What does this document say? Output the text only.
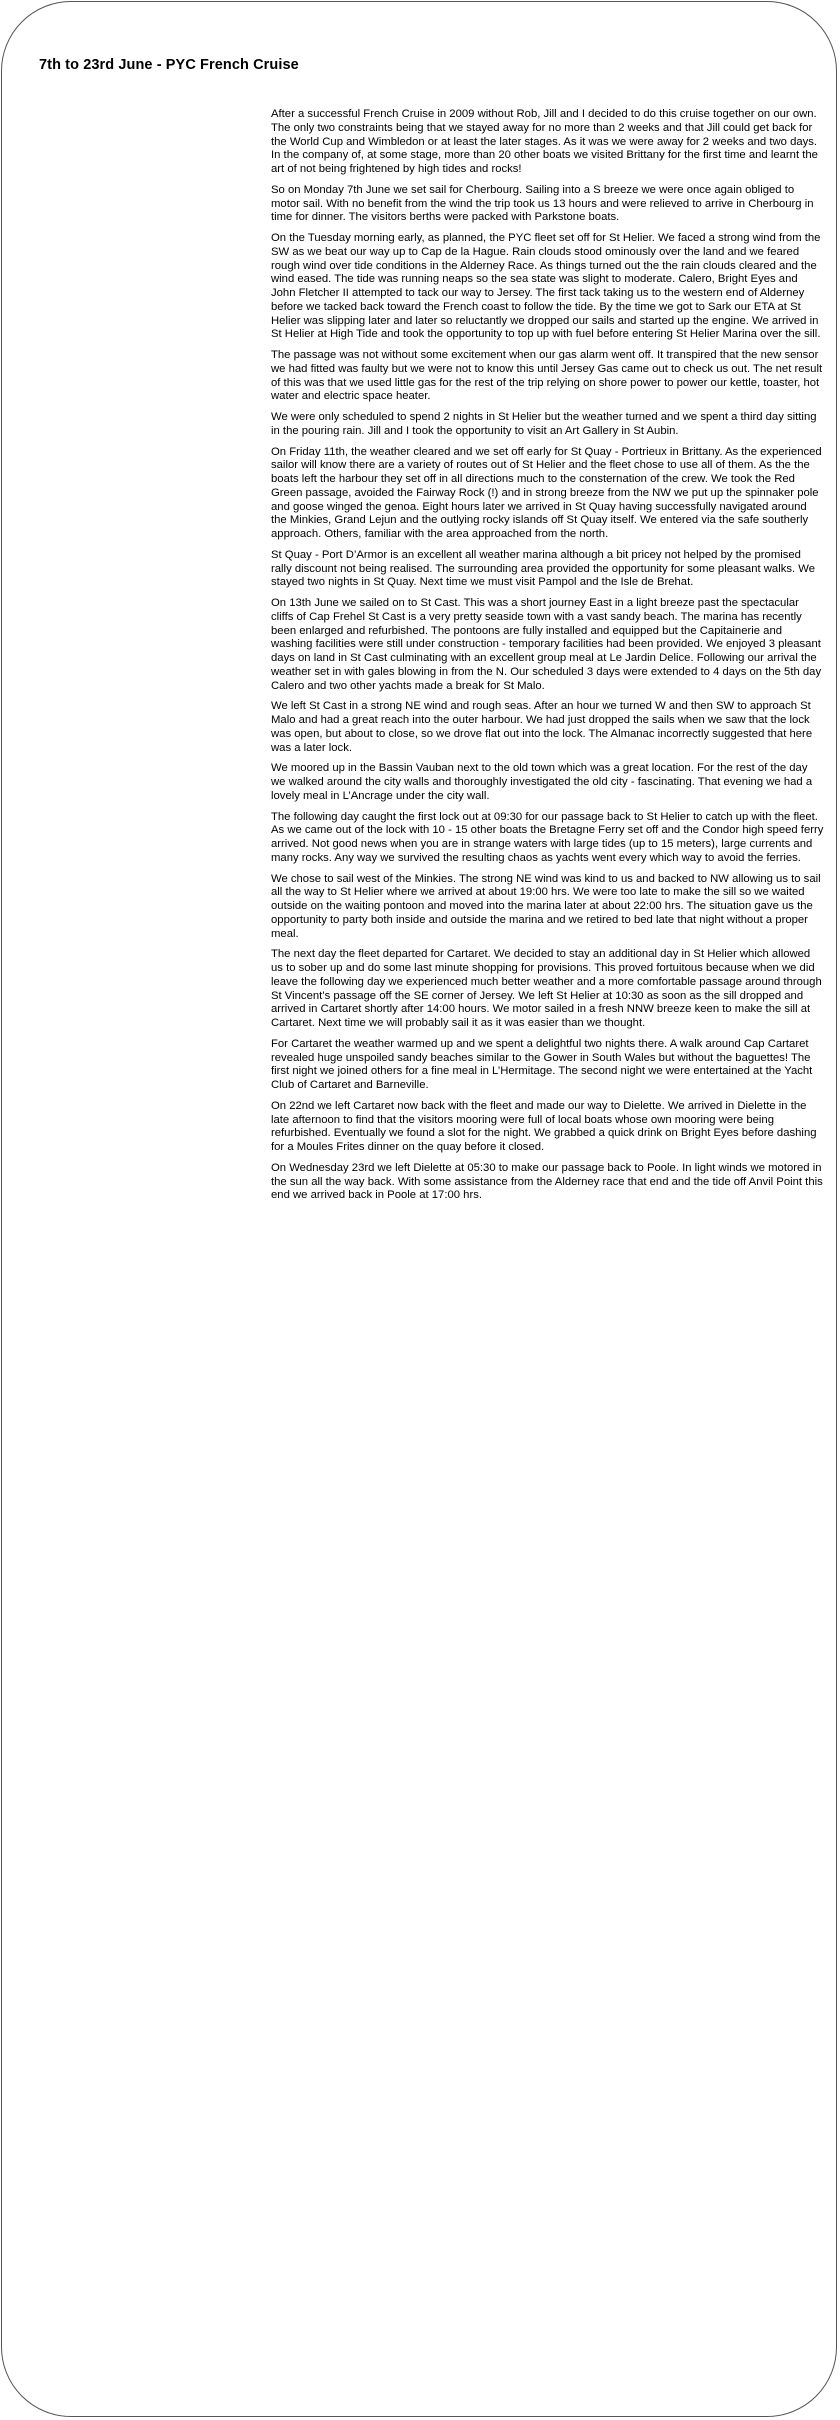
7th to 23rd June - PYC French Cruise

After a successful French Cruise in 2009 without Rob, Jill and I decided to do this cruise together on our own. The only two constraints being that we stayed away for no more than 2 weeks and that Jill could get back for the World Cup and Wimbledon or at least the later stages. As it was we were away for 2 weeks and two days. In the company of, at some stage, more than 20 other boats we visited Brittany for the first time and learnt the art of not being frightened by high tides and rocks!

So on Monday 7th June we set sail for Cherbourg. Sailing into a S breeze we were once again obliged to motor sail. With no benefit from the wind the trip took us 13 hours and were relieved to arrive in Cherbourg in time for dinner. The visitors berths were packed with Parkstone boats.

On the Tuesday morning early, as planned, the PYC fleet set off for St Helier. We faced a strong wind from the SW as we beat our way up to Cap de la Hague. Rain clouds stood ominously over the land and we feared rough wind over tide conditions in the Alderney Race. As things turned out the the rain clouds cleared and the wind eased. The tide was running neaps so the sea state was slight to moderate. Calero, Bright Eyes and John Fletcher II attempted to tack our way to Jersey. The first tack taking us to the western end of Alderney before we tacked back toward the French coast to follow the tide. By the time we got to Sark our ETA at St Helier was slipping later and later so reluctantly we dropped our sails and started up the engine. We arrived in St Helier at High Tide and took the opportunity to top up with fuel before entering St Helier Marina over the sill.

The passage was not without some excitement when our gas alarm went off. It transpired that the new sensor we had fitted was faulty but we were not to know this until Jersey Gas came out to check us out. The net result of this was that we used little gas for the rest of the trip relying on shore power to power our kettle, toaster, hot water and electric space heater.

We were only scheduled to spend 2 nights in St Helier but the weather turned and we spent a third day sitting in the pouring rain. Jill and I took the opportunity to visit an Art Gallery in St Aubin.

On Friday 11th, the weather cleared and we set off early for St Quay - Portrieux in Brittany. As the experienced sailor will know there are a variety of routes out of St Helier and the fleet chose to use all of them. As the the boats left the harbour they set off in all directions much to the consternation of the crew. We took the Red Green passage, avoided the Fairway Rock (!) and in strong breeze from the NW we put up the spinnaker pole and goose winged the genoa. Eight hours later we arrived in St Quay having successfully navigated around the Minkies, Grand Lejun and the outlying rocky islands off St Quay itself. We entered via the safe southerly approach. Others, familiar with the area approached from the north.

St Quay - Port D’Armor is an excellent all weather marina although a bit pricey not helped by the promised rally discount not being realised. The surrounding area provided the opportunity for some pleasant walks. We stayed two nights in St Quay. Next time we must visit Pampol and the Isle de Brehat.

On 13th June we sailed on to St Cast. This was a short journey East in a light breeze past the spectacular cliffs of Cap Frehel St Cast is a very pretty seaside town with a vast sandy beach. The marina has recently been enlarged and refurbished. The pontoons are fully installed and equipped but the Capitainerie and washing facilities were still under construction - temporary facilities had been provided. We enjoyed 3 pleasant days on land in St Cast culminating with an excellent group meal at Le Jardin Delice. Following our arrival the weather set in with gales blowing in from the N. Our scheduled 3 days were extended to 4 days on the 5th day Calero and two other yachts made a break for St Malo.

We left St Cast in a strong NE wind and rough seas. After an hour we turned W and then SW to approach St Malo and had a great reach into the outer harbour. We had just dropped the sails when we saw that the lock was open, but about to close, so we drove flat out into the lock. The Almanac incorrectly suggested that here was a later lock.

We moored up in the Bassin Vauban next to the old town which was a great location. For the rest of the day we walked around the city walls and thoroughly investigated the old city - fascinating. That evening we had a lovely meal in L’Ancrage under the city wall.

The following day caught the first lock out at 09:30 for our passage back to St Helier to catch up with the fleet. As we came out of the lock with 10 - 15 other boats the Bretagne Ferry set off and the Condor high speed ferry arrived. Not good news when you are in strange waters with large tides (up to 15 meters), large currents and many rocks. Any way we survived the resulting chaos as yachts went every which way to avoid the ferries.

We chose to sail west of the Minkies. The strong NE wind was kind to us and backed to NW allowing us to sail all the way to St Helier where we arrived at about 19:00 hrs. We were too late to make the sill so we waited outside on the waiting pontoon and moved into the marina later at about 22:00 hrs. The situation gave us the opportunity to party both inside and outside the marina and we retired to bed late that night without a proper meal.

The next day the fleet departed for Cartaret. We decided to stay an additional day in St Helier which allowed us to sober up and do some last minute shopping for provisions. This proved fortuitous because when we did leave the following day we experienced much better weather and a more comfortable passage around through St Vincent’s passage off the SE corner of Jersey. We left St Helier at 10:30 as soon as the sill dropped and arrived in Cartaret shortly after 14:00 hours. We motor sailed in a fresh NNW breeze keen to make the sill at Cartaret. Next time we will probably sail it as it was easier than we thought.

For Cartaret the weather warmed up and we spent a delightful two nights there. A walk around Cap Cartaret revealed huge unspoiled sandy beaches similar to the Gower in South Wales but without the baguettes! The first night we joined others for a fine meal in L’Hermitage. The second night we were entertained at the Yacht Club of Cartaret and Barneville.

On 22nd we left Cartaret now back with the fleet and made our way to Dielette. We arrived in Dielette in the late afternoon to find that the visitors mooring were full of local boats whose own mooring were being refurbished. Eventually we found a slot for the night. We grabbed a quick drink on Bright Eyes before dashing for a Moules Frites dinner on the quay before it closed.

On Wednesday 23rd we left Dielette at 05:30 to make our passage back to Poole. In light winds we motored in the sun all the way back. With some assistance from the Alderney race that end and the tide off Anvil Point this end we arrived back in Poole at 17:00 hrs.
